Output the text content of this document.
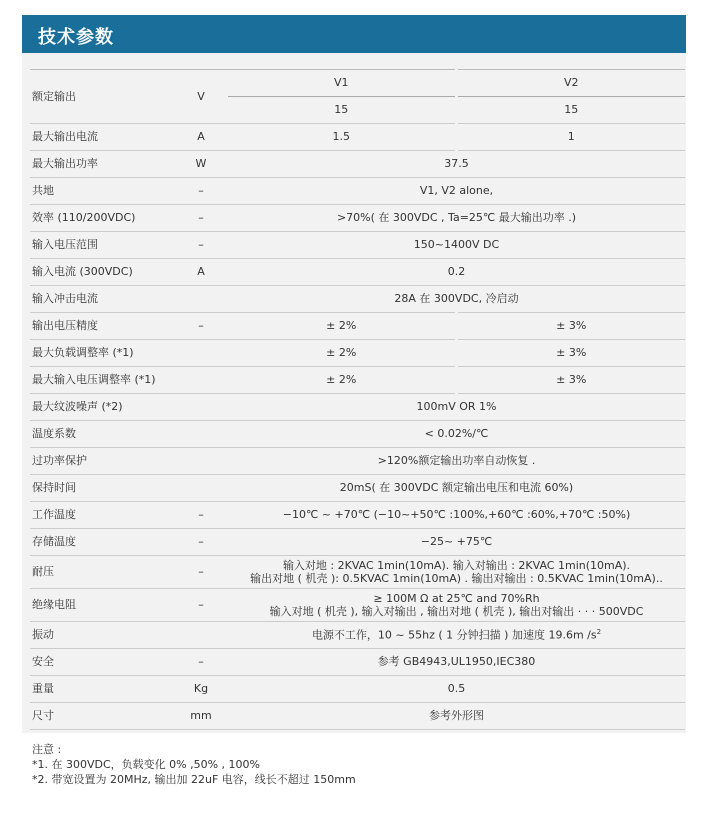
技术参数
额定输出	V	V1	V2
		15	15
最大输出电流	A	1.5	1
最大输出功率	W	37.5	
共地	–	V1, V2 alone,	
效率 (110/200VDC)	–	>70%( 在 300VDC , Ta=25℃ 最大输出功率 .)	
输入电压范围	–	150~1400V DC	
输入电流 (300VDC)	A	0.2	
输入冲击电流		28A 在 300VDC, 冷启动	
输出电压精度	–	± 2%	± 3%
最大负载调整率 (*1)		± 2%	± 3%
最大输入电压调整率 (*1)		± 2%	± 3%
最大纹波噪声 (*2)		100mV OR 1%	
温度系数		< 0.02%/℃	
过功率保护		>120%额定输出功率自动恢复 .	
保持时间		20mS( 在 300VDC 额定输出电压和电流 60%)	
工作温度	–	−10℃ ~ +70℃ (−10~+50℃ :100%,+60℃ :60%,+70℃ :50%)	
存储温度	–	−25~ +75℃	
耐压	–	输入对地 : 2KVAC 1min(10mA). 输入对输出 : 2KVAC 1min(10mA).
输出对地 ( 机壳 ): 0.5KVAC 1min(10mA) . 输出对输出 : 0.5KVAC 1min(10mA)..	

绝缘电阻	–	≥ 100M Ω at 25℃ and 70%Rh
输入对地 ( 机壳 ), 输入对输出 , 输出对地 ( 机壳 ), 输出对输出 · · · 500VDC	

振动		电源不工作，10 ~ 55hz ( 1 分钟扫描 ) 加速度 19.6m $/s^2$
安全	–	参考 GB4943,UL1950,IEC380	
重量	Kg	0.5	
尺寸	mm	参考外形图	
注意 :
*1. 在 300VDC，负载变化 0% ,50% , 100%
*2. 带宽设置为 20MHz, 输出加 22uF 电容，线长不超过 150mm
